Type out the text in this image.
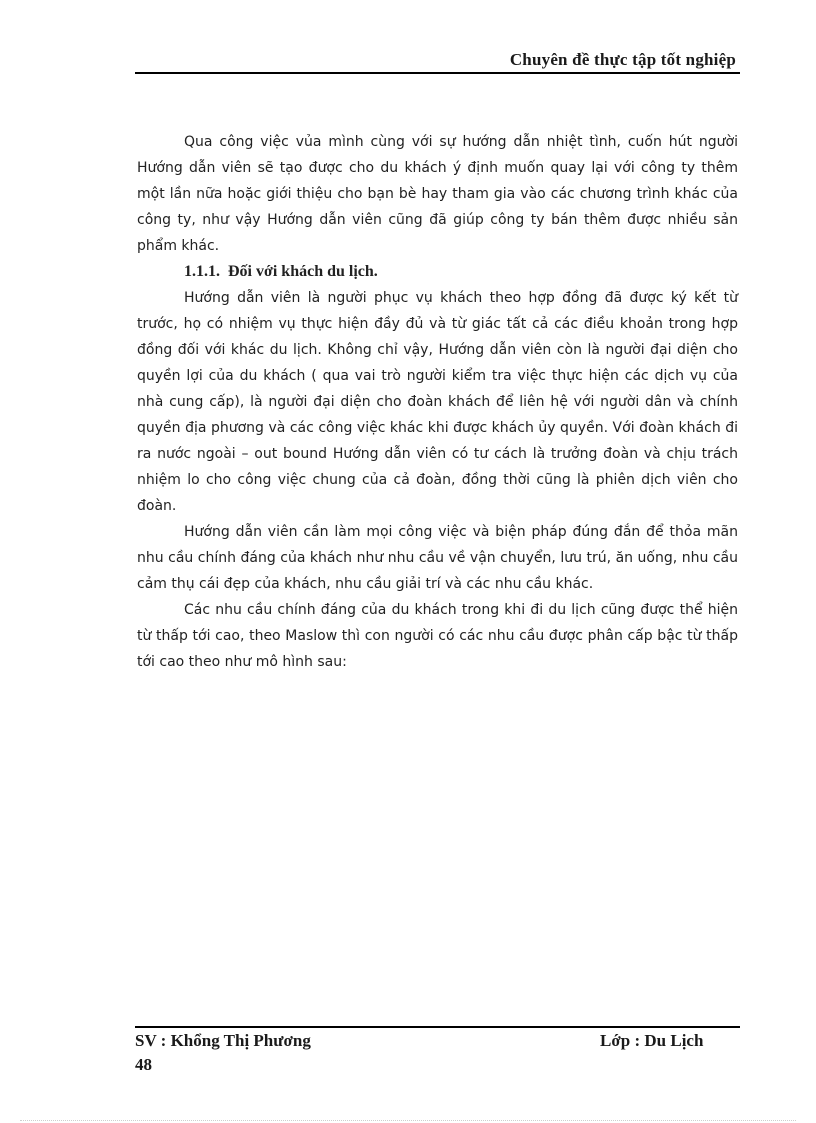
Chuyên đề thực tập tốt nghiệp

Qua công việc vủa mình cùng với sự hướng dẫn nhiệt tình, cuốn hút người Hướng dẫn viên sẽ tạo được cho du khách ý định muốn quay lại với công ty thêm một lần nữa hoặc giới thiệu cho bạn bè hay tham gia vào các chương trình khác của công ty, như vậy Hướng dẫn viên cũng đã giúp công ty bán thêm được nhiều sản phẩm khác.

1.1.1. Đối với khách du lịch.

Hướng dẫn viên là người phục vụ khách theo hợp đồng đã được ký kết từ trước, họ có nhiệm vụ thực hiện đầy đủ và từ giác tất cả các điều khoản trong hợp đồng đối với khác du lịch. Không chỉ vậy, Hướng dẫn viên còn là người đại diện cho quyền lợi của du khách ( qua vai trò người kiểm tra việc thực hiện các dịch vụ của nhà cung cấp), là người đại diện cho đoàn khách để liên hệ với người dân và chính quyền địa phương và các công việc khác khi được khách ủy quyền. Với đoàn khách đi ra nước ngoài – out bound Hướng dẫn viên có tư cách là trưởng đoàn và chịu trách nhiệm lo cho công việc chung của cả đoàn, đồng thời cũng là phiên dịch viên cho đoàn.

Hướng dẫn viên cần làm mọi công việc và biện pháp đúng đắn để thỏa mãn nhu cầu chính đáng của khách như nhu cầu về vận chuyển, lưu trú, ăn uống, nhu cầu cảm thụ cái đẹp của khách, nhu cầu giải trí và các nhu cầu khác.

Các nhu cầu chính đáng của du khách trong khi đi du lịch cũng được thể hiện từ thấp tới cao, theo Maslow thì con người có các nhu cầu được phân cấp bậc từ thấp tới cao theo như mô hình sau:

SV : Khổng Thị Phương	Lớp : Du Lịch
48
